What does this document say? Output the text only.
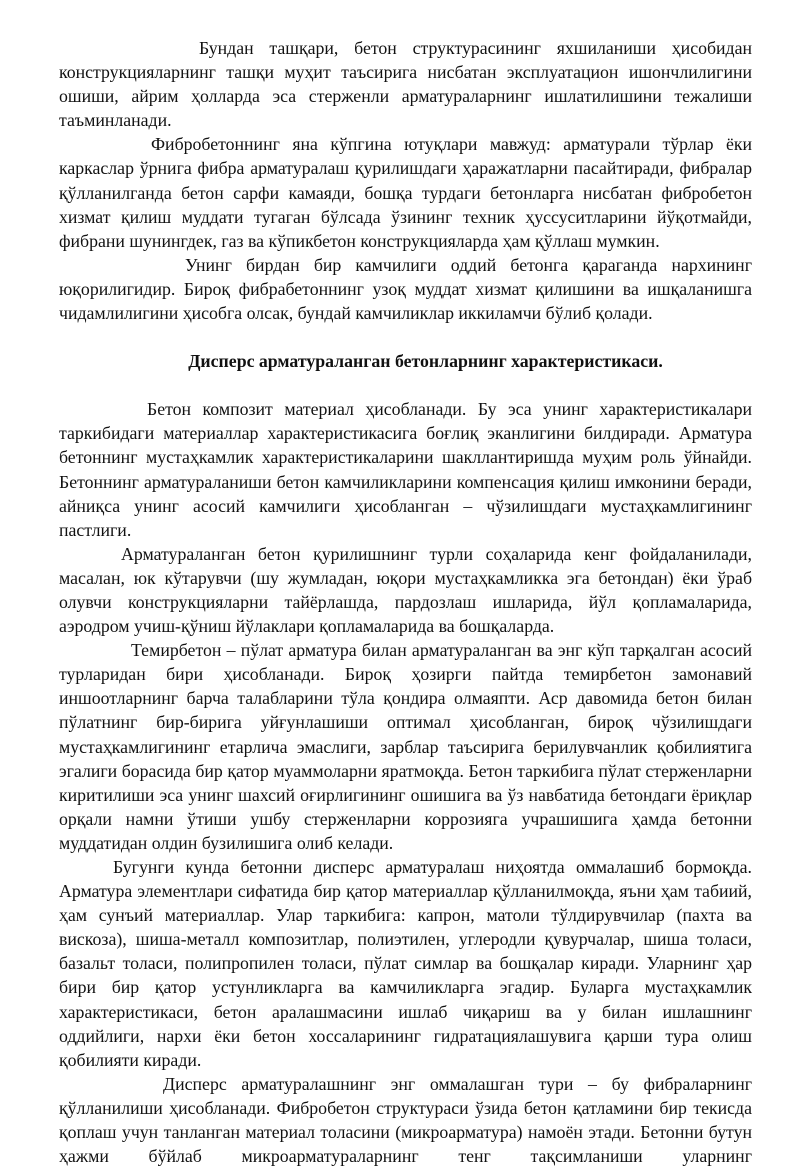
Бундан ташқари, бетон структурасининг яхшиланиши ҳисобидан конструкцияларнинг ташқи муҳит таъсирига нисбатан эксплуатацион ишончлилигини ошиши, айрим ҳолларда эса стерженли арматураларнинг ишлатилишини тежалиши таъминланади.

Фибробетоннинг яна кўпгина ютуқлари мавжуд: арматурали тўрлар ёки каркаслар ўрнига фибра арматуралаш қурилишдаги ҳаражатларни пасайтиради, фибралар қўлланилганда бетон сарфи камаяди, бошқа турдаги бетонларга нисбатан фибробетон хизмат қилиш муддати тугаган бўлсада ўзининг техник ҳуссуситларини йўқотмайди, фибрани шунингдек, газ ва кўпикбетон конструкцияларда ҳам қўллаш мумкин.

Унинг бирдан бир камчилиги оддий бетонга қараганда нархининг юқорилигидир. Бироқ фибрабетоннинг узоқ муддат хизмат қилишини ва ишқаланишга чидамлилигини ҳисобга олсак, бундай камчиликлар иккиламчи бўлиб қолади.

Дисперс арматураланган бетонларнинг характеристикаси.

Бетон композит материал ҳисобланади. Бу эса унинг характеристикалари таркибидаги материаллар характеристикасига боғлиқ эканлигини билдиради. Арматура бетоннинг мустаҳкамлик характеристикаларини шакллантиришда муҳим роль ўйнайди. Бетоннинг арматураланиши бетон камчиликларини компенсация қилиш имконини беради, айниқса унинг асосий камчилиги ҳисобланган – чўзилишдаги мустаҳкамлигининг пастлиги.

Арматураланган бетон қурилишнинг турли соҳаларида кенг фойдаланилади, масалан, юк кўтарувчи (шу жумладан, юқори мустаҳкамликка эга бетондан) ёки ўраб олувчи конструкцияларни тайёрлашда, пардозлаш ишларида, йўл қопламаларида, аэродром учиш-қўниш йўлаклари қопламаларида ва бошқаларда.

Темирбетон – пўлат арматура билан арматураланган ва энг кўп тарқалган асосий турларидан бири ҳисобланади. Бироқ ҳозирги пайтда темирбетон замонавий иншоотларнинг барча талабларини тўла қондира олмаяпти. Аср давомида бетон билан пўлатнинг бир-бирига уйғунлашиши оптимал ҳисобланган, бироқ чўзилишдаги мустаҳкамлигининг етарлича эмаслиги, зарблар таъсирига берилувчанлик қобилиятига эгалиги борасида бир қатор муаммоларни яратмоқда. Бетон таркибига пўлат стерженларни киритилиши эса унинг шахсий оғирлигининг ошишига ва ўз навбатида бетондаги ёриқлар орқали намни ўтиши ушбу стерженларни коррозияга учрашишига ҳамда бетонни муддатидан олдин бузилишига олиб келади.

Бугунги кунда бетонни дисперс арматуралаш ниҳоятда оммалашиб бормоқда. Арматура элементлари сифатида бир қатор материаллар қўлланилмоқда, яъни ҳам табиий, ҳам сунъий материаллар. Улар таркибига: капрон, матоли тўлдирувчилар (пахта ва вискоза), шиша-металл композитлар, полиэтилен, углеродли қувурчалар, шиша толаси, базальт толаси, полипропилен толаси, пўлат симлар ва бошқалар киради. Уларнинг ҳар бири бир қатор устунликларга ва камчиликларга эгадир. Буларга мустаҳкамлик характеристикаси, бетон аралашмасини ишлаб чиқариш ва у билан ишлашнинг оддийлиги, нархи ёки бетон хоссаларининг гидратациялашувига қарши тура олиш қобилияти киради.

Дисперс арматуралашнинг энг оммалашган тури – бу фибраларнинг қўлланилиши ҳисобланади. Фибробетон структураси ўзида бетон қатламини бир текисда қоплаш учун танланган материал толасини (микроарматура) намоён этади. Бетонни бутун ҳажми бўйлаб микроарматураларнинг тенг тақсимланиши уларнинг
